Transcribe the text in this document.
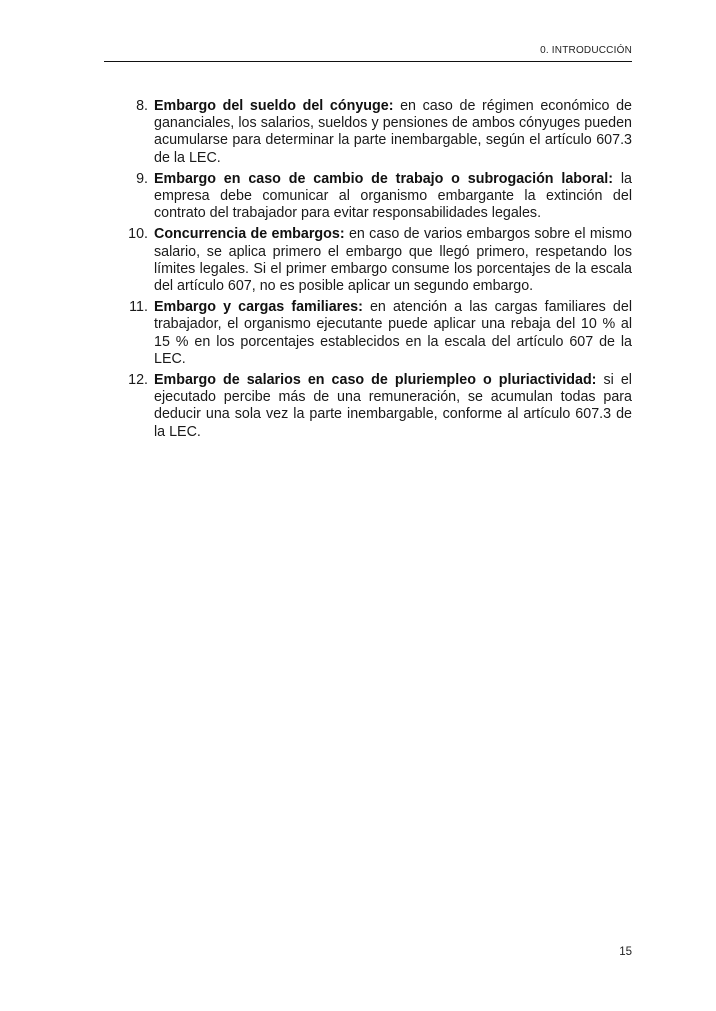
0. INTRODUCCIÓN
8. Embargo del sueldo del cónyuge: en caso de régimen económico de gananciales, los salarios, sueldos y pensiones de ambos cónyuges pueden acumularse para determinar la parte inembargable, según el artículo 607.3 de la LEC.
9. Embargo en caso de cambio de trabajo o subrogación laboral: la empresa debe comunicar al organismo embargante la extinción del contrato del trabajador para evitar responsabilidades legales.
10. Concurrencia de embargos: en caso de varios embargos sobre el mismo salario, se aplica primero el embargo que llegó primero, respetando los límites legales. Si el primer embargo consume los porcentajes de la escala del artículo 607, no es posible aplicar un segundo embargo.
11. Embargo y cargas familiares: en atención a las cargas familiares del trabajador, el organismo ejecutante puede aplicar una rebaja del 10 % al 15 % en los porcentajes establecidos en la escala del artículo 607 de la LEC.
12. Embargo de salarios en caso de pluriempleo o pluriactividad: si el ejecutado percibe más de una remuneración, se acumulan todas para deducir una sola vez la parte inembargable, conforme al artículo 607.3 de la LEC.
15
